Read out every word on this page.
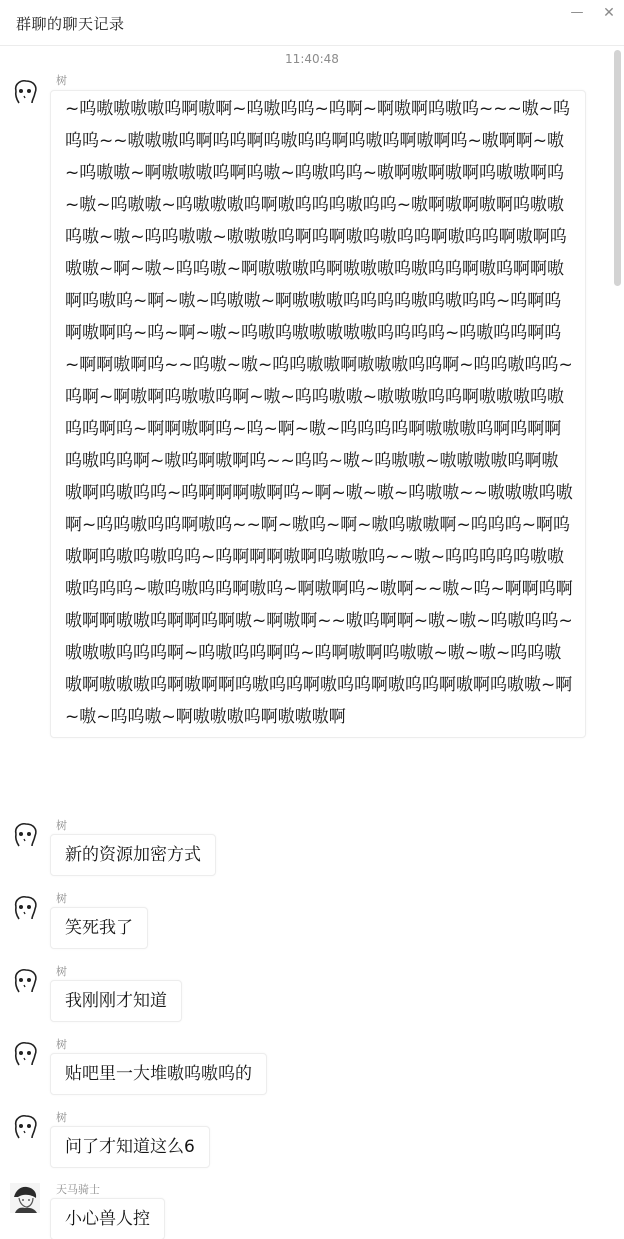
群聊的聊天记录
—	✕
11:40:48
树
~呜嗷嗷嗷嗷呜啊嗷啊~呜嗷呜呜~呜啊~啊嗷啊呜嗷呜~~~嗷~呜呜呜~~嗷嗷嗷呜啊呜呜啊呜嗷呜呜啊呜嗷呜啊嗷啊呜~嗷啊啊~嗷~呜嗷嗷~啊嗷嗷嗷呜啊呜嗷~呜嗷呜呜~嗷啊嗷啊嗷啊呜嗷嗷啊呜~嗷~呜嗷嗷~呜嗷嗷嗷呜啊嗷呜呜呜嗷呜呜~嗷啊嗷啊嗷啊呜嗷嗷呜嗷~嗷~呜呜嗷嗷~嗷嗷嗷呜啊呜啊嗷呜嗷呜呜啊嗷呜呜啊嗷啊呜嗷嗷~啊~嗷~呜呜嗷~啊嗷嗷嗷呜啊嗷嗷嗷呜嗷呜呜啊嗷呜啊啊嗷啊呜嗷呜~啊~嗷~呜嗷嗷~啊嗷嗷嗷呜呜呜呜嗷呜嗷呜呜~呜啊呜啊嗷啊呜~呜~啊~嗷~呜嗷呜嗷嗷嗷嗷嗷呜呜呜呜~呜嗷呜呜啊呜~啊啊嗷啊呜~~呜嗷~嗷~呜呜嗷嗷啊嗷嗷嗷呜呜啊~呜呜嗷呜呜~呜啊~啊嗷啊呜嗷嗷呜啊~嗷~呜呜嗷嗷~嗷嗷嗷呜呜啊嗷嗷嗷呜嗷呜呜啊呜~啊啊嗷啊呜~呜~啊~嗷~呜呜呜呜啊嗷嗷嗷呜啊呜啊啊呜嗷呜呜啊~嗷呜啊嗷啊呜~~呜呜~嗷~呜嗷嗷~嗷嗷嗷嗷呜啊嗷嗷啊呜嗷呜呜~呜啊啊啊嗷啊呜~啊~嗷~嗷~呜嗷嗷~~嗷嗷嗷呜嗷啊~呜呜嗷呜呜啊嗷呜~~啊~嗷呜~啊~嗷呜嗷嗷啊~呜呜呜~啊呜嗷啊呜嗷呜嗷呜呜~呜啊啊啊嗷啊呜嗷嗷呜~~嗷~呜呜呜呜呜嗷嗷嗷呜呜呜~嗷呜嗷呜呜啊嗷呜~啊嗷啊呜~嗷啊~~嗷~呜~啊啊呜啊嗷啊啊嗷嗷呜啊啊呜啊嗷~啊嗷啊~~嗷呜啊啊~嗷~嗷~呜嗷呜呜~嗷嗷嗷呜呜呜啊~呜嗷呜呜啊呜~呜啊嗷啊呜嗷嗷~嗷~嗷~呜呜嗷嗷啊嗷嗷嗷呜啊嗷啊啊呜嗷呜呜啊嗷呜呜啊嗷呜呜啊嗷啊呜嗷嗷~啊~嗷~呜呜嗷~啊嗷嗷嗷呜啊嗷嗷嗷啊
树
新的资源加密方式
树
笑死我了
树
我刚刚才知道
树
贴吧里一大堆嗷呜嗷呜的
树
问了才知道这么6
天马骑士
小心兽人控
